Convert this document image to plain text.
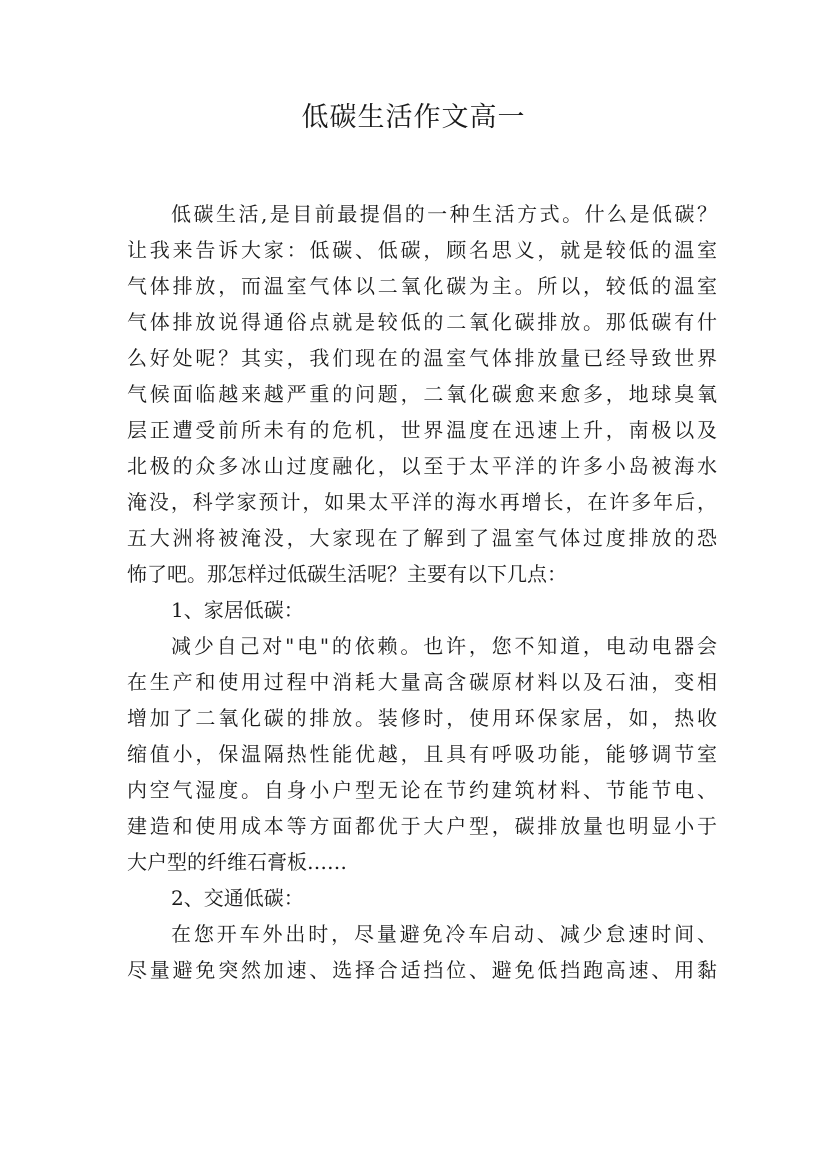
低碳生活作文高一
低碳生活,是目前最提倡的一种生活方式。什么是低碳？
让我来告诉大家：低碳、低碳，顾名思义，就是较低的温室
气体排放，而温室气体以二氧化碳为主。所以，较低的温室
气体排放说得通俗点就是较低的二氧化碳排放。那低碳有什
么好处呢？其实，我们现在的温室气体排放量已经导致世界
气候面临越来越严重的问题，二氧化碳愈来愈多，地球臭氧
层正遭受前所未有的危机，世界温度在迅速上升，南极以及
北极的众多冰山过度融化，以至于太平洋的许多小岛被海水
淹没，科学家预计，如果太平洋的海水再增长，在许多年后，
五大洲将被淹没，大家现在了解到了温室气体过度排放的恐
怖了吧。那怎样过低碳生活呢？主要有以下几点：
1、家居低碳：
减少自己对"电"的依赖。也许，您不知道，电动电器会
在生产和使用过程中消耗大量高含碳原材料以及石油，变相
增加了二氧化碳的排放。装修时，使用环保家居，如，热收
缩值小，保温隔热性能优越，且具有呼吸功能，能够调节室
内空气湿度。自身小户型无论在节约建筑材料、节能节电、
建造和使用成本等方面都优于大户型，碳排放量也明显小于
大户型的纤维石膏板……
2、交通低碳：
在您开车外出时，尽量避免冷车启动、减少怠速时间、
尽量避免突然加速、选择合适挡位、避免低挡跑高速、用黏
